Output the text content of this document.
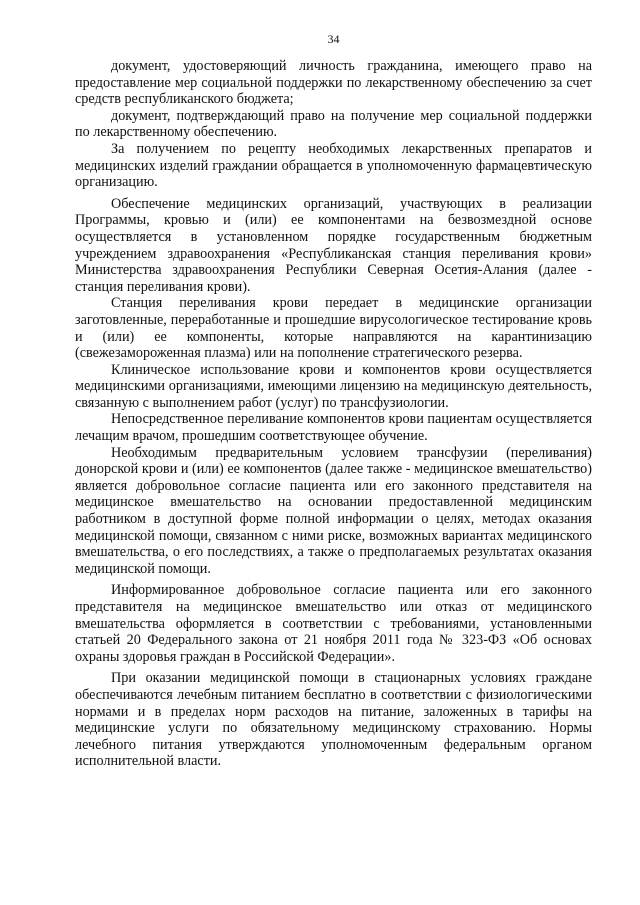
34

документ, удостоверяющий личность гражданина, имеющего право на предоставление мер социальной поддержки по лекарственному обеспечению за счет средств республиканского бюджета;

документ, подтверждающий право на получение мер социальной поддержки по лекарственному обеспечению.

За получением по рецепту необходимых лекарственных препаратов и медицинских изделий граждании обращается в уполномоченную фармацевтическую организацию.

Обеспечение медицинских организаций, участвующих в реализации Программы, кровью и (или) ее компонентами на безвозмездной основе осуществляется в установленном порядке государственным бюджетным учреждением здравоохранения «Республиканская станция переливания крови» Министерства здравоохранения Республики Северная Осетия-Алания (далее - станция переливания крови).

Станция переливания крови передает в медицинские организации заготовленные, переработанные и прошедшие вирусологическое тестирование кровь и (или) ее компоненты, которые направляются на карантинизацию (свежезамороженная плазма) или на пополнение стратегического резерва.

Клиническое использование крови и компонентов крови осуществляется медицинскими организациями, имеющими лицензию на медицинскую деятельность, связанную с выполнением работ (услуг) по трансфузиологии.

Непосредственное переливание компонентов крови пациентам осуществляется лечащим врачом, прошедшим соответствующее обучение.

Необходимым предварительным условием трансфузии (переливания) донорской крови и (или) ее компонентов (далее также - медицинское вмешательство) является добровольное согласие пациента или его законного представителя на медицинское вмешательство на основании предоставленной медицинским работником в доступной форме полной информации о целях, методах оказания медицинской помощи, связанном с ними риске, возможных вариантах медицинского вмешательства, о его последствиях, а также о предполагаемых результатах оказания медицинской помощи.

Информированное добровольное согласие пациента или его законного представителя на медицинское вмешательство или отказ от медицинского вмешательства оформляется в соответствии с требованиями, установленными статьей 20 Федерального закона от 21 ноября 2011 года № 323-ФЗ «Об основах охраны здоровья граждан в Российской Федерации».

При оказании медицинской помощи в стационарных условиях граждане обеспечиваются лечебным питанием бесплатно в соответствии с физиологическими нормами и в пределах норм расходов на питание, заложенных в тарифы на медицинские услуги по обязательному медицинскому страхованию. Нормы лечебного питания утверждаются уполномоченным федеральным органом исполнительной власти.
